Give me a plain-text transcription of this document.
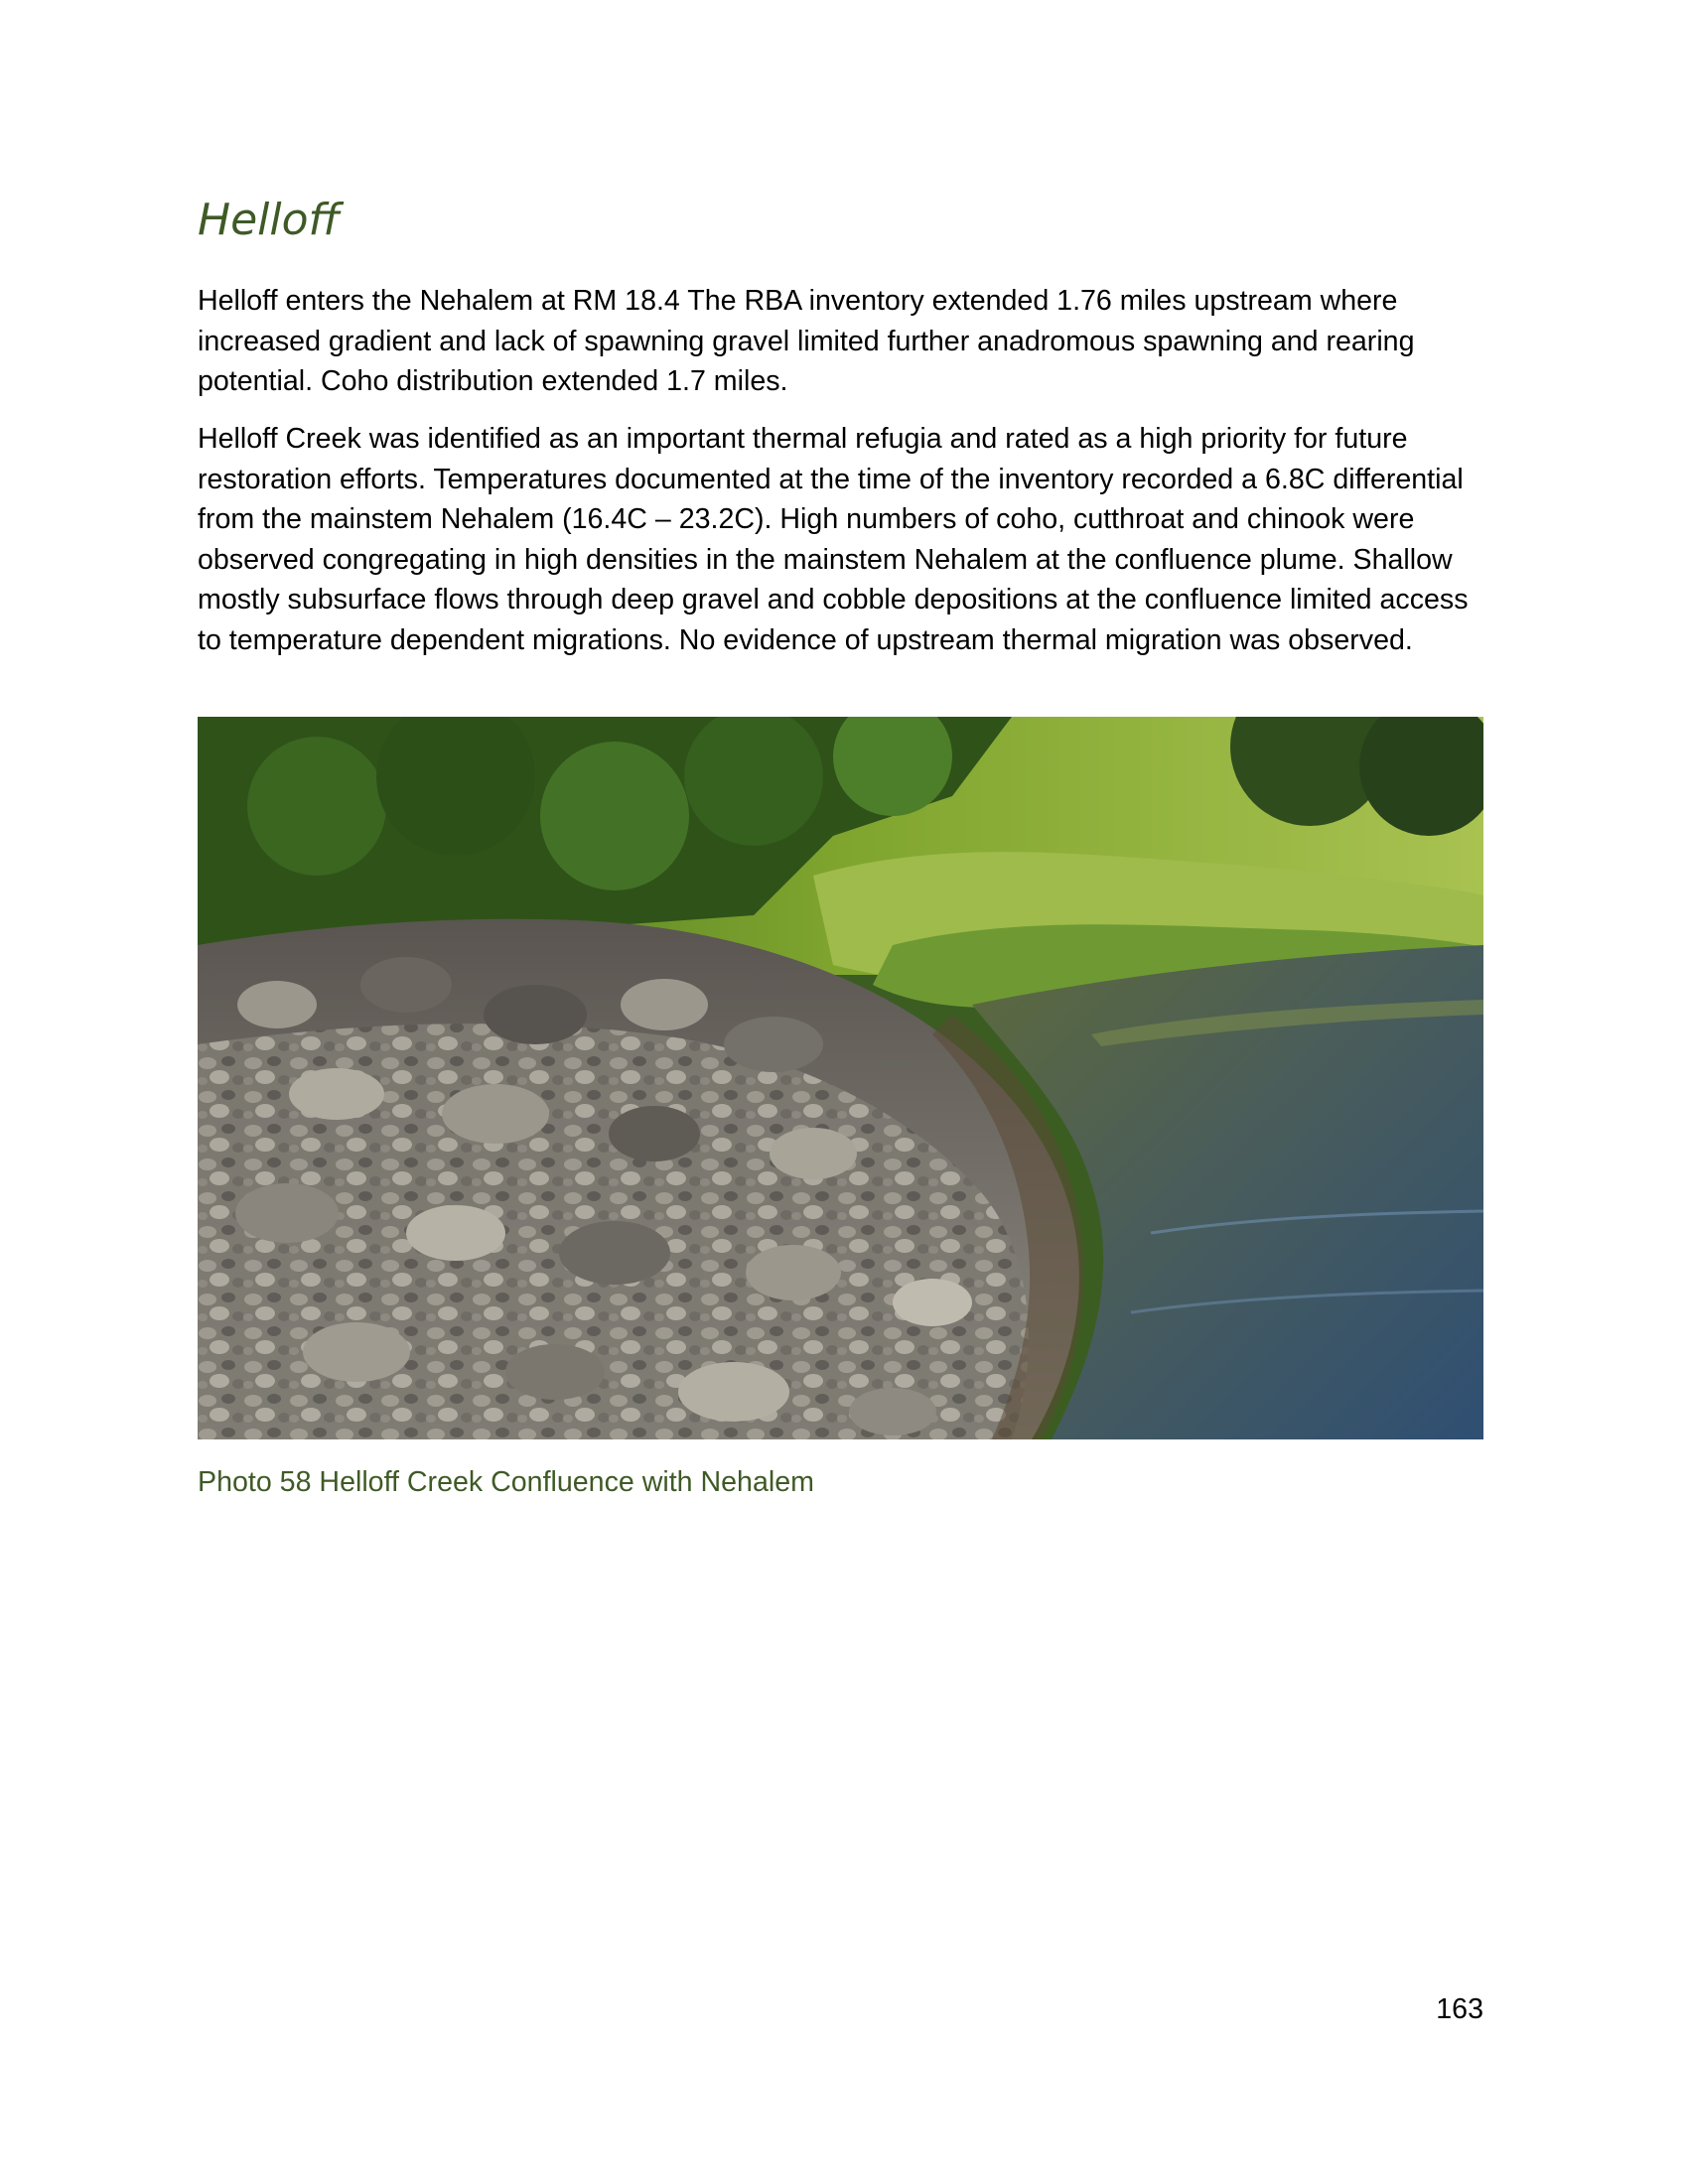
Helloff

Helloff enters the Nehalem at RM 18.4 The RBA inventory extended 1.76 miles upstream where increased gradient and lack of spawning gravel limited further anadromous spawning and rearing potential. Coho distribution extended 1.7 miles.

Helloff Creek was identified as an important thermal refugia and rated as a high priority for future restoration efforts. Temperatures documented at the time of the inventory recorded a 6.8C differential from the mainstem Nehalem (16.4C – 23.2C). High numbers of coho, cutthroat and chinook were observed congregating in high densities in the mainstem Nehalem at the confluence plume. Shallow mostly subsurface flows through deep gravel and cobble depositions at the confluence limited access to temperature dependent migrations. No evidence of upstream thermal migration was observed.

Photo 58 Helloff Creek Confluence with Nehalem

163
